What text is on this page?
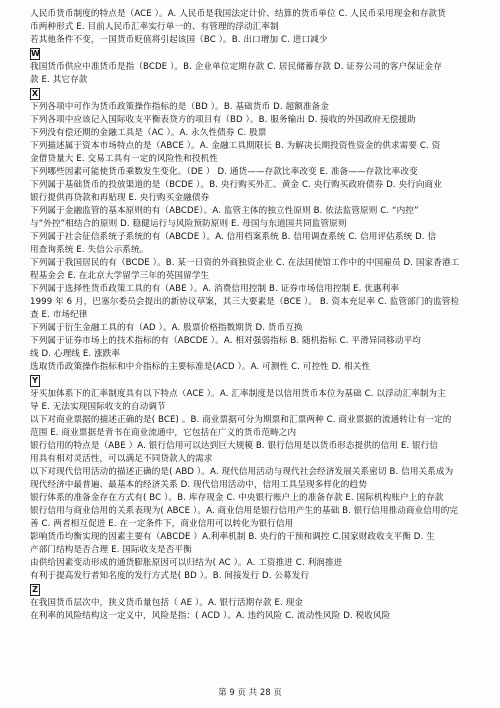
人民币货币制度的特点是（ACE ）。A. 人民币是我国法定计价、结算的货币单位 C. 人民币采用现金和存款货
币两种形式 E. 目前人民币汇率实行单一的、有管理的浮动汇率制
若其他条件不变，一国货币贬值将引起该国（BC ）。B. 出口增加 C. 进口减少
W
我国货币供应中准货币是指（BCDE ）。B. 企业单位定期存款 C. 居民储蓄存款 D. 证券公司的客户保证金存
款 E. 其它存款
X
下列各项中可作为货币政策操作指标的是（BD ）。B. 基础货币 D. 超额准备金
下列各项中应该记入国际收支平衡表贷方的项目有（BD ）。B. 服务输出 D. 接收的外国政府无偿援助
下列没有偿还期的金融工具是（AC ）。A. 永久性债券 C. 股票
下列描述属于资本市场特点的是（ABCE ）。A. 金融工具期限长 B. 为解决长期投资性资金的供求需要 C. 资
金借贷量大 E. 交易工具有一定的风险性和投机性
下列哪些因素可能使货币乘数发生变化。（DE ） D. 通货——存款比率改变 E. 准备——存款比率改变
下列属于基础货币的投放渠道的是（BCDE ）。B. 央行购买外汇、黄金 C. 央行购买政府债券 D. 央行向商业
银行提供再贷款和再贴现 E. 央行购买金融债券
下列属于金融监管的基本原则的有（ABCDE）。A. 监管主体的独立性原则 B. 依法监管原则 C. “内控”
与“外控”相结合的原则 D. 稳健运行与风险预防原则 E. 母国与东道国共同监管原则
下列属于社会征信系统子系统的有（ABCDE ）。A. 信用档案系统 B. 信用调查系统 C. 信用评估系统 D. 信
用查询系统 E. 失信公示系统。
下列属于我国居民的有（BCDE ）。B. 某一日资的外商独资企业 C. 在法国使馆工作中的中国雇员 D. 国家香港工
程基金会 E. 在北京大学留学三年的英国留学生
下列属于选择性货币政策工具的有（ABE ）。A. 消费信用控制 B. 证券市场信用控制 E. 优惠利率
1999 年 6 月，巴塞尔委员会提出的新协议草案，其三大要素是（BCE ）。 B. 资本充足率 C. 监管部门的监管检
查 E. 市场纪律
下列属于衍生金融工具的有（AD ）。A. 股票价格指数期货 D. 货币互换
下列属于证券市场上的技术指标的有（ABCDE ）。A. 相对强弱指标 B. 随机指标 C. 平滑异同移动平均
线 D. 心理线 E. 涨跌率
选取货币政策操作指标和中介指标的主要标准是(ACD ）。A. 可测性 C. 可控性 D. 相关性
Y
牙买加体系下的汇率制度具有以下特点（ACE ）。A. 汇率制度是以信用货币本位为基础 C. 以浮动汇率制为主
导 E. 无法实现国际收支的自动调节
以下对商业票据的描述正确的是( BCE) 。B. 商业票据可分为期票和汇票两种 C. 商业票据的流通转让有一定的
范围 E. 商业票据是背书在商业流通中，它包括在广义的货币范畴之内
银行信用的特点是（ABE ）A. 银行信用可以达到巨大规模 B. 银行信用是以货币形态提供的信用 E. 银行信
用具有相对灵活性，可以满足不同贷款人的需求
以下对现代信用活动的描述正确的是( ABD ）。A. 现代信用活动与现代社会经济发展关系密切 B. 信用关系成为
现代经济中最普遍、最基本的经济关系 D. 现代信用活动中，信用工具呈现多样化的趋势
银行体系的准备金存在方式有( BC ）。B. 库存现金 C. 中央银行账户上的准备存款 E. 国际机构账户上的存款
银行信用与商业信用的关系表现为( ABCE ）。A. 商业信用是银行信用产生的基础 B. 银行信用推动商业信用的完
善 C. 两者相互促进 E. 在一定条件下，商业信用可以转化为银行信用
影响货币均衡实现的因素主要有（ABCDE ）A.利率机制 B. 央行的干预和调控 C.国家财政收支平衡 D. 生
产部门结构是否合理 E. 国际收支是否平衡
由供给因素变动形成的通货膨胀原因可以归结为( AC ）。A. 工资推进 C. 利润推进
有利于提高发行者知名度的发行方式是( BD ）。B. 间接发行 D. 公募发行
Z
在我国货币层次中，狭义货币量包括（ AE ）。A. 银行活期存款 E. 现金
在利率的风险结构这一定义中，风险是指：( ACD ）。A. 违约风险 C. 流动性风险 D. 税收风险
第 9 页 共 28 页
